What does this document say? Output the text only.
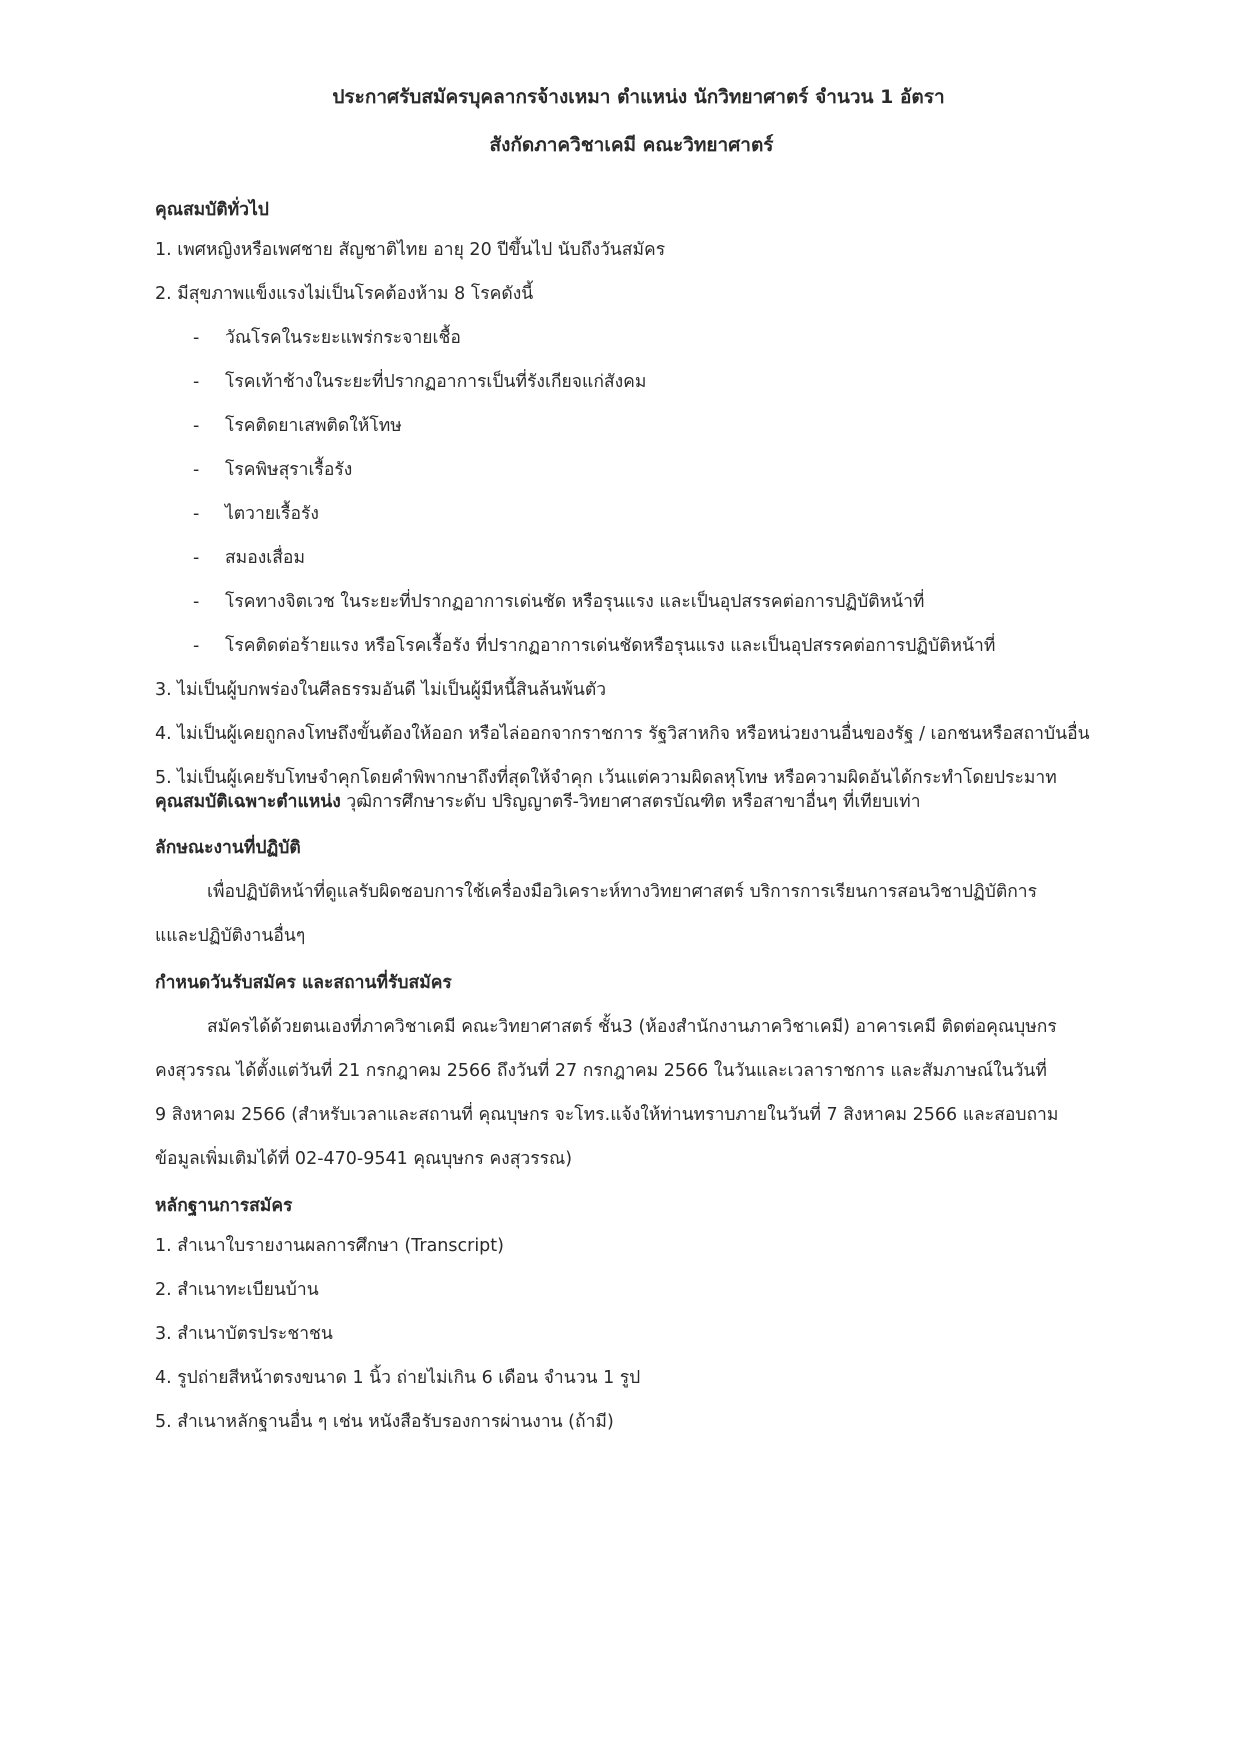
ประกาศรับสมัครบุคลากรจ้างเหมา ตำแหน่ง นักวิทยาศาตร์ จำนวน 1 อัตรา

สังกัดภาควิชาเคมี คณะวิทยาศาตร์

คุณสมบัติทั่วไป

1. เพศหญิงหรือเพศชาย สัญชาติไทย อายุ 20 ปีขึ้นไป นับถึงวันสมัคร

2. มีสุขภาพแข็งแรงไม่เป็นโรคต้องห้าม 8 โรคดังนี้

- วัณโรคในระยะแพร่กระจายเชื้อ

- โรคเท้าช้างในระยะที่ปรากฏอาการเป็นที่รังเกียจแก่สังคม

- โรคติดยาเสพติดให้โทษ

- โรคพิษสุราเรื้อรัง

- ไตวายเรื้อรัง

- สมองเสื่อม

- โรคทางจิตเวช ในระยะที่ปรากฏอาการเด่นชัด หรือรุนแรง และเป็นอุปสรรคต่อการปฏิบัติหน้าที่

- โรคติดต่อร้ายแรง หรือโรคเรื้อรัง ที่ปรากฏอาการเด่นชัดหรือรุนแรง และเป็นอุปสรรคต่อการปฏิบัติหน้าที่

3. ไม่เป็นผู้บกพร่องในศีลธรรมอันดี ไม่เป็นผู้มีหนี้สินล้นพ้นตัว

4. ไม่เป็นผู้เคยถูกลงโทษถึงขั้นต้องให้ออก หรือไล่ออกจากราชการ รัฐวิสาหกิจ หรือหน่วยงานอื่นของรัฐ / เอกชนหรือสถาบันอื่น

5. ไม่เป็นผู้เคยรับโทษจำคุกโดยคำพิพากษาถึงที่สุดให้จำคุก เว้นแต่ความผิดลหุโทษ หรือความผิดอันได้กระทำโดยประมาท

คุณสมบัติเฉพาะตำแหน่ง วุฒิการศึกษาระดับ ปริญญาตรี-วิทยาศาสตรบัณฑิต หรือสาขาอื่นๆ ที่เทียบเท่า

ลักษณะงานที่ปฏิบัติ

เพื่อปฏิบัติหน้าที่ดูแลรับผิดชอบการใช้เครื่องมือวิเคราะห์ทางวิทยาศาสตร์ บริการการเรียนการสอนวิชาปฏิบัติการ

แและปฏิบัติงานอื่นๆ

กำหนดวันรับสมัคร และสถานที่รับสมัคร

สมัครได้ด้วยตนเองที่ภาควิชาเคมี คณะวิทยาศาสตร์ ชั้น3 (ห้องสำนักงานภาควิชาเคมี) อาคารเคมี ติดต่อคุณบุษกร

คงสุวรรณ ได้ตั้งแต่วันที่ 21 กรกฎาคม 2566 ถึงวันที่ 27 กรกฎาคม 2566 ในวันและเวลาราชการ และสัมภาษณ์ในวันที่

9 สิงหาคม 2566 (สำหรับเวลาและสถานที่ คุณบุษกร จะโทร.แจ้งให้ท่านทราบภายในวันที่ 7 สิงหาคม 2566 และสอบถาม

ข้อมูลเพิ่มเติมได้ที่ 02-470-9541 คุณบุษกร คงสุวรรณ)

หลักฐานการสมัคร

1. สำเนาใบรายงานผลการศึกษา (Transcript)

2. สำเนาทะเบียนบ้าน

3. สำเนาบัตรประชาชน

4. รูปถ่ายสีหน้าตรงขนาด 1 นิ้ว ถ่ายไม่เกิน 6 เดือน จำนวน 1 รูป

5. สำเนาหลักฐานอื่น ๆ เช่น หนังสือรับรองการผ่านงาน (ถ้ามี)
